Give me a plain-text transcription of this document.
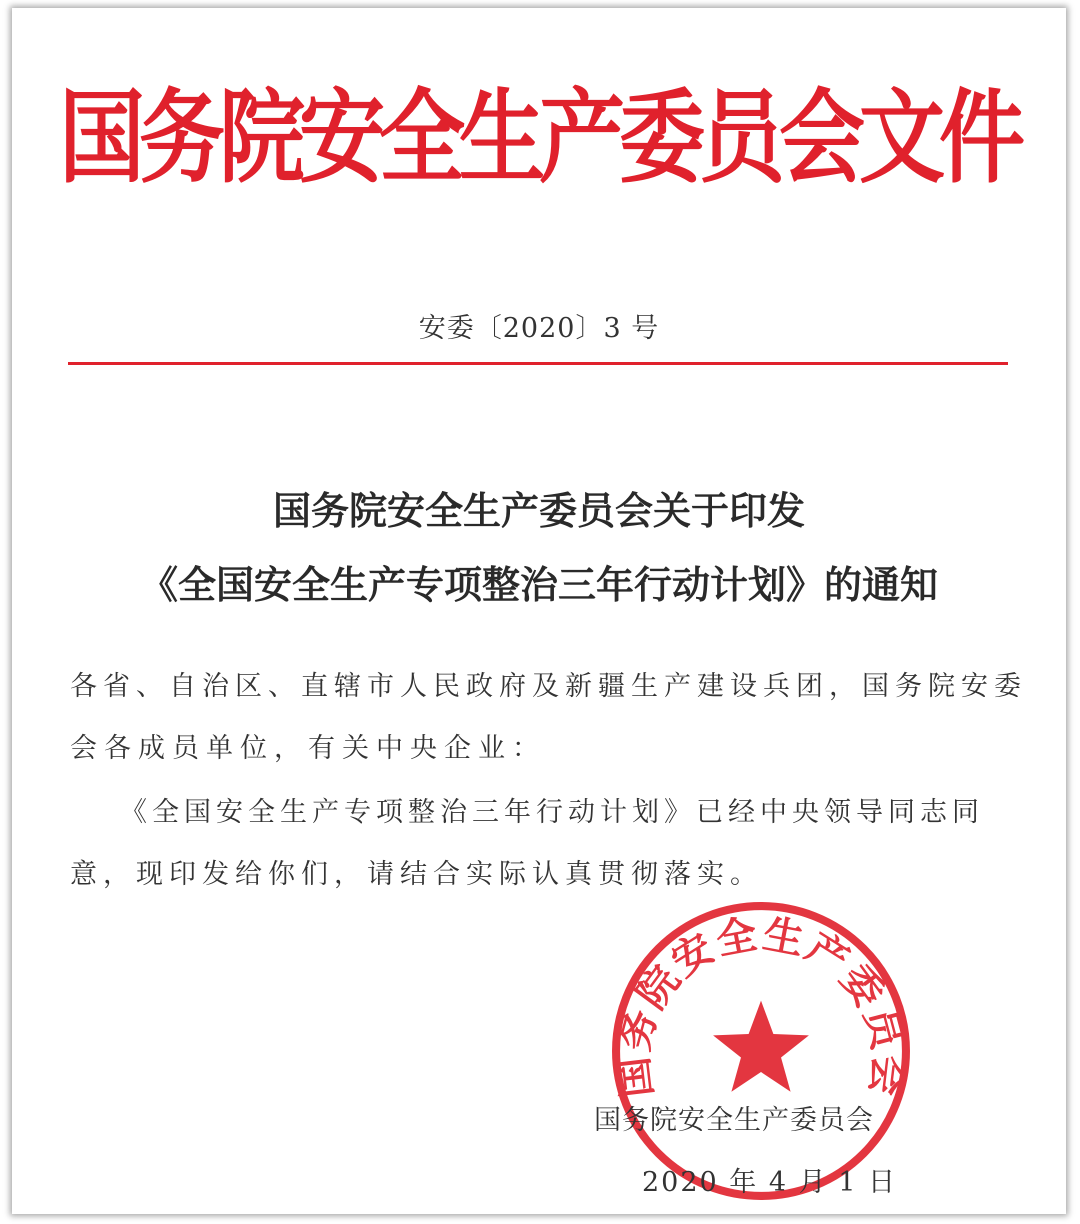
国务院安全生产委员会文件
安委〔2020〕3 号
国务院安全生产委员会关于印发
《全国安全生产专项整治三年行动计划》的通知
各省、自治区、直辖市人民政府及新疆生产建设兵团，国务院安委
会各成员单位，有关中央企业：
《全国安全生产专项整治三年行动计划》已经中央领导同志同
意，现印发给你们，请结合实际认真贯彻落实。
国务院安全生产委员会
国务院安全生产委员会
2020 年 4 月 1 日
